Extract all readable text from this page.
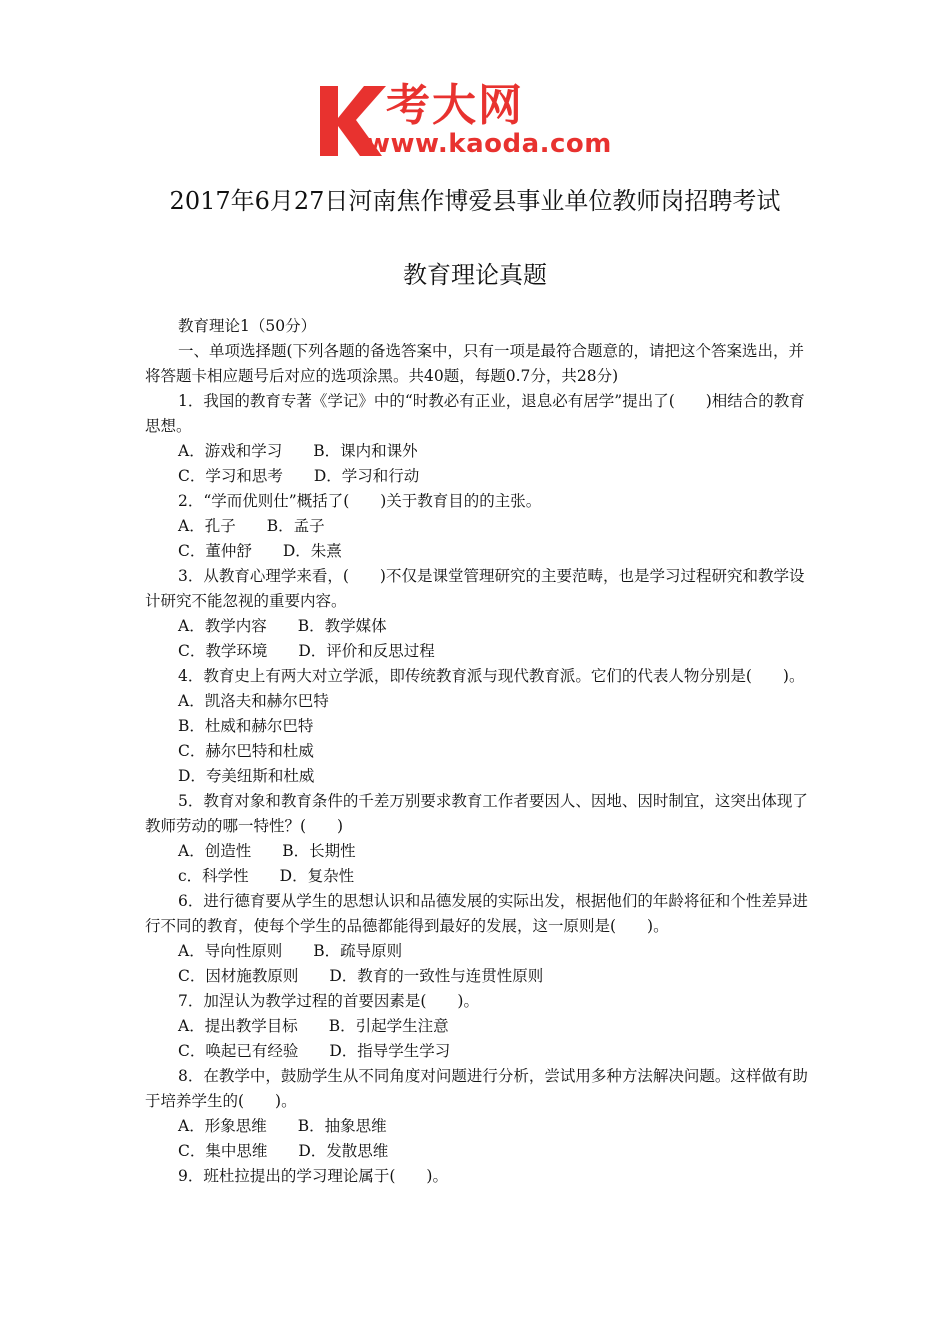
考大网
www.kaoda.com
2017年6月27日河南焦作博爱县事业单位教师岗招聘考试
教育理论真题

教育理论1（50分）

一、单项选择题(下列各题的备选答案中，只有一项是最符合题意的，请把这个答案选出，并将答题卡相应题号后对应的选项涂黑。共40题，每题0.7分，共28分)

1．我国的教育专著《学记》中的“时教必有正业，退息必有居学”提出了(　　)相结合的教育思想。

A．游戏和学习　　B．课内和课外

C．学习和思考　　D．学习和行动

2．“学而优则仕”概括了(　　)关于教育目的的主张。

A．孔子　　B．孟子

C．董仲舒　　D．朱熹

3．从教育心理学来看，(　　)不仅是课堂管理研究的主要范畴，也是学习过程研究和教学设计研究不能忽视的重要内容。

A．教学内容　　B．教学媒体

C．教学环境　　D．评价和反思过程

4．教育史上有两大对立学派，即传统教育派与现代教育派。它们的代表人物分别是(　　)。

A．凯洛夫和赫尔巴特

B．杜威和赫尔巴特

C．赫尔巴特和杜威

D．夸美纽斯和杜威

5．教育对象和教育条件的千差万别要求教育工作者要因人、因地、因时制宜，这突出体现了教师劳动的哪一特性？(　　)

A．创造性　　B．长期性

c．科学性　　D．复杂性

6．进行德育要从学生的思想认识和品德发展的实际出发，根据他们的年龄将征和个性差异进行不同的教育，使每个学生的品德都能得到最好的发展，这一原则是(　　)。

A．导向性原则　　B．疏导原则

C．因材施教原则　　D．教育的一致性与连贯性原则

7．加涅认为教学过程的首要因素是(　　)。

A．提出教学目标　　B．引起学生注意

C．唤起已有经验　　D．指导学生学习

8．在教学中，鼓励学生从不同角度对问题进行分析，尝试用多种方法解决问题。这样做有助于培养学生的(　　)。

A．形象思维　　B．抽象思维

C．集中思维　　D．发散思维

9．班杜拉提出的学习理论属于(　　)。
